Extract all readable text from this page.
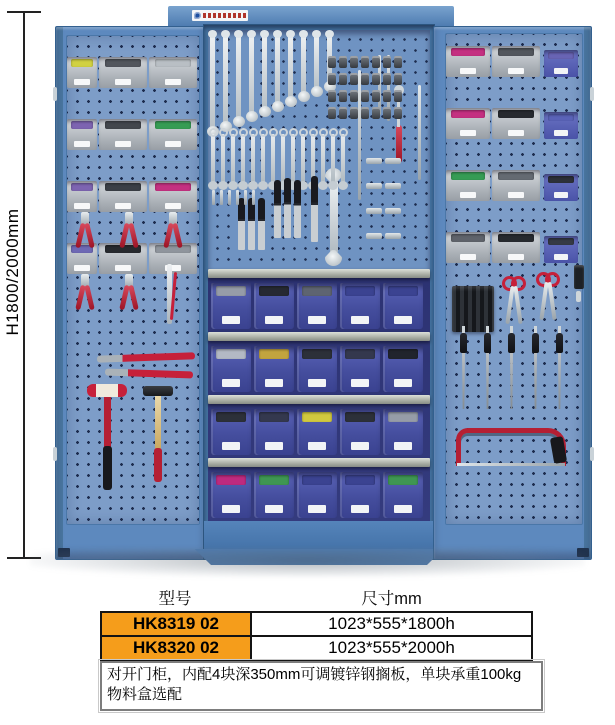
H1800/2000mm
型号	尺寸mm
HK8319 02	1023*555*1800h
HK8320 02	1023*555*2000h
对开门柜，内配4块深350mm可调镀锌钢搁板，单块承重100kg
物料盒选配
